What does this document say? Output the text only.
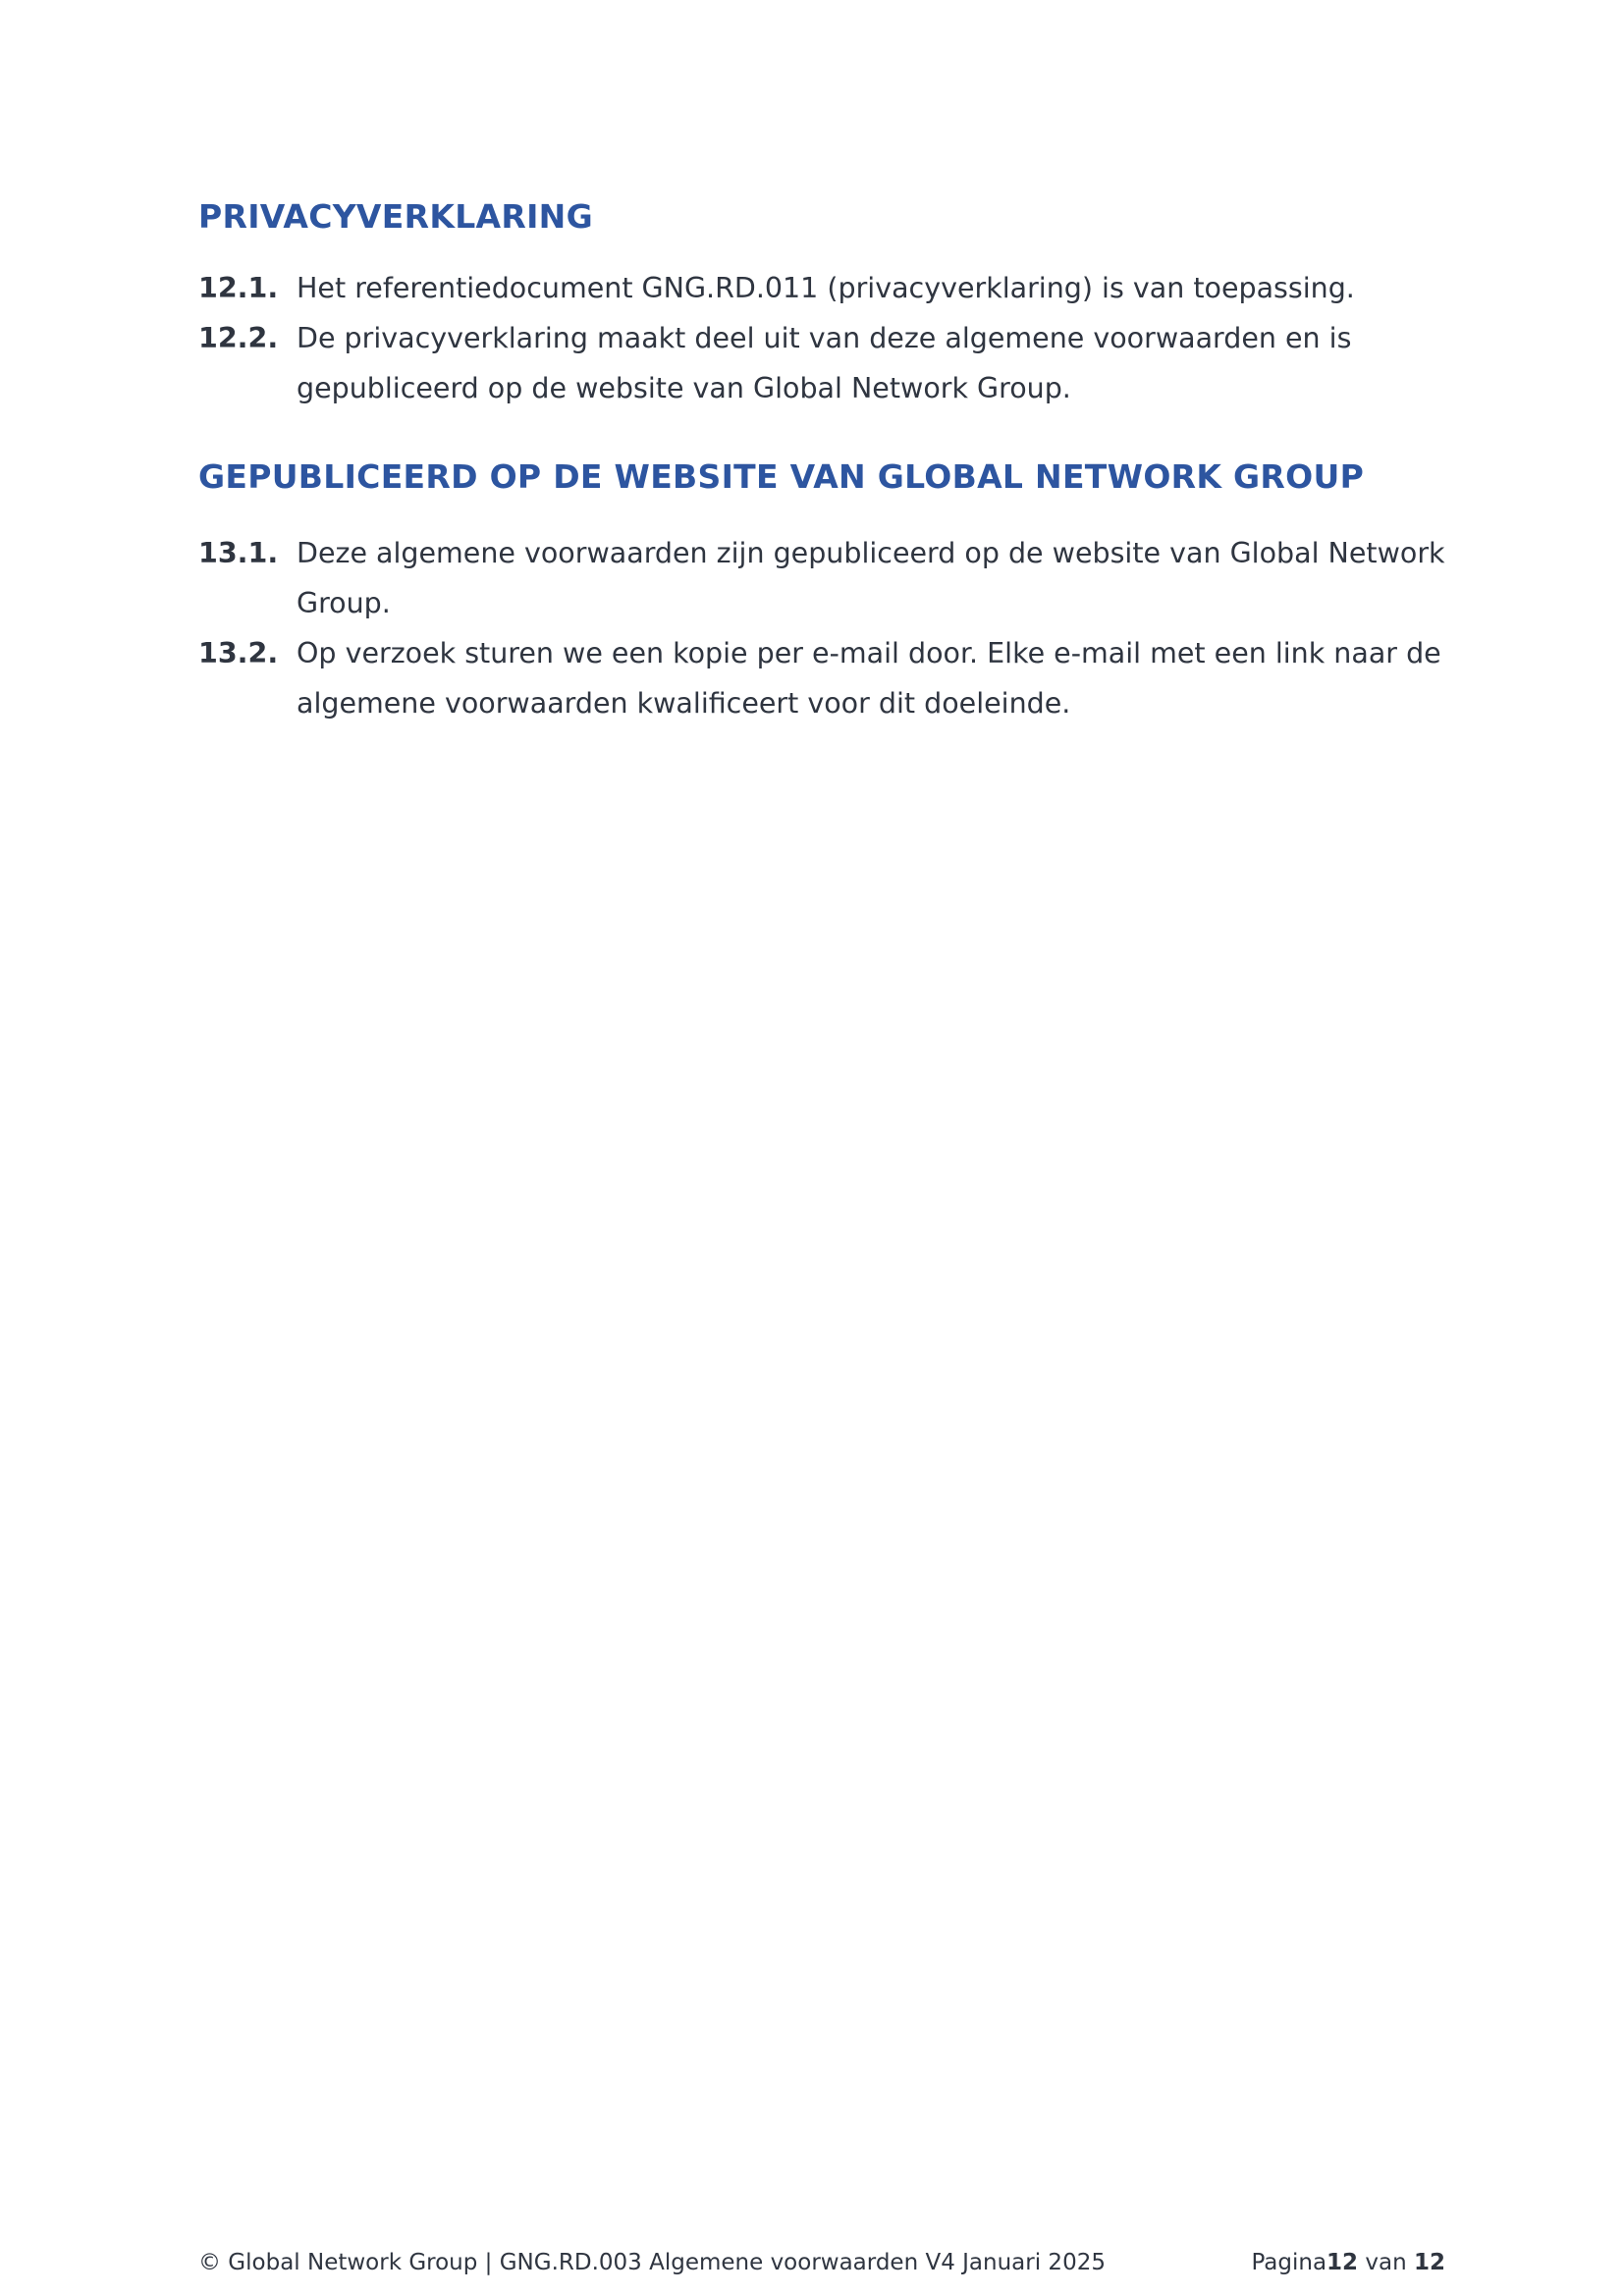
PRIVACYVERKLARING
12.1. Het referentiedocument GNG.RD.011 (privacyverklaring) is van toepassing.
12.2. De privacyverklaring maakt deel uit van deze algemene voorwaarden en is gepubliceerd op de website van Global Network Group.
GEPUBLICEERD OP DE WEBSITE VAN GLOBAL NETWORK GROUP
13.1. Deze algemene voorwaarden zijn gepubliceerd op de website van Global Network Group.
13.2. Op verzoek sturen we een kopie per e-mail door. Elke e-mail met een link naar de algemene voorwaarden kwalificeert voor dit doeleinde.
© Global Network Group | GNG.RD.003 Algemene voorwaarden V4 Januari 2025	Pagina12 van 12
